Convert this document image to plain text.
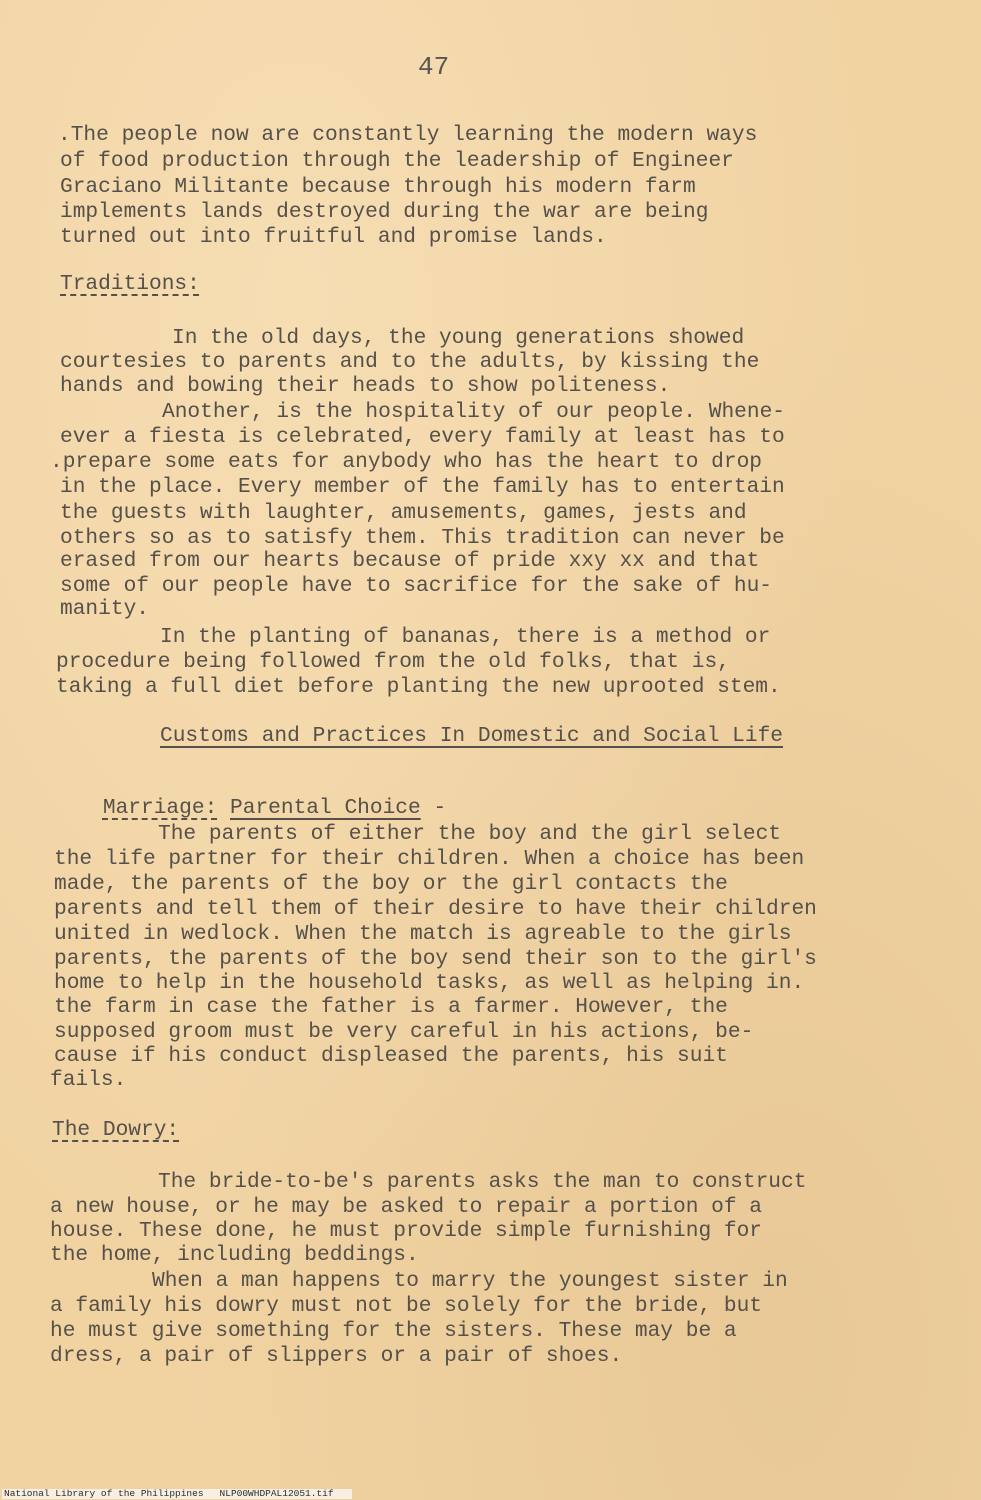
47
.The people now are constantly learning the modern ways
of food production through the leadership of Engineer
Graciano Militante because through his modern farm
implements lands destroyed during the war are being
turned out into fruitful and promise lands.
Traditions:
In the old days, the young generations showed
courtesies to parents and to the adults, by kissing the
hands and bowing their heads to show politeness.
Another, is the hospitality of our people. Whene-
ever a fiesta is celebrated, every family at least has to
.prepare some eats for anybody who has the heart to drop
in the place. Every member of the family has to entertain
the guests with laughter, amusements, games, jests and
others so as to satisfy them. This tradition can never be
erased from our hearts because of pride xxy xx and that
some of our people have to sacrifice for the sake of hu-
manity.
In the planting of bananas, there is a method or
procedure being followed from the old folks, that is,
taking a full diet before planting the new uprooted stem.
Customs and Practices In Domestic and Social Life

Marriage: Parental Choice -

The parents of either the boy and the girl select
the life partner for their children. When a choice has been
made, the parents of the boy or the girl contacts the
parents and tell them of their desire to have their children
united in wedlock. When the match is agreable to the girls
parents, the parents of the boy send their son to the girl's
home to help in the household tasks, as well as helping in.
the farm in case the father is a farmer. However, the
supposed groom must be very careful in his actions, be-
cause if his conduct displeased the parents, his suit
fails.
The Dowry:
The bride-to-be's parents asks the man to construct
a new house, or he may be asked to repair a portion of a
house. These done, he must provide simple furnishing for
the home, including beddings.
When a man happens to marry the youngest sister in
a family his dowry must not be solely for the bride, but
he must give something for the sisters. These may be a
dress, a pair of slippers or a pair of shoes.
National Library of the Philippines NLP00WHDPAL12051.tif
